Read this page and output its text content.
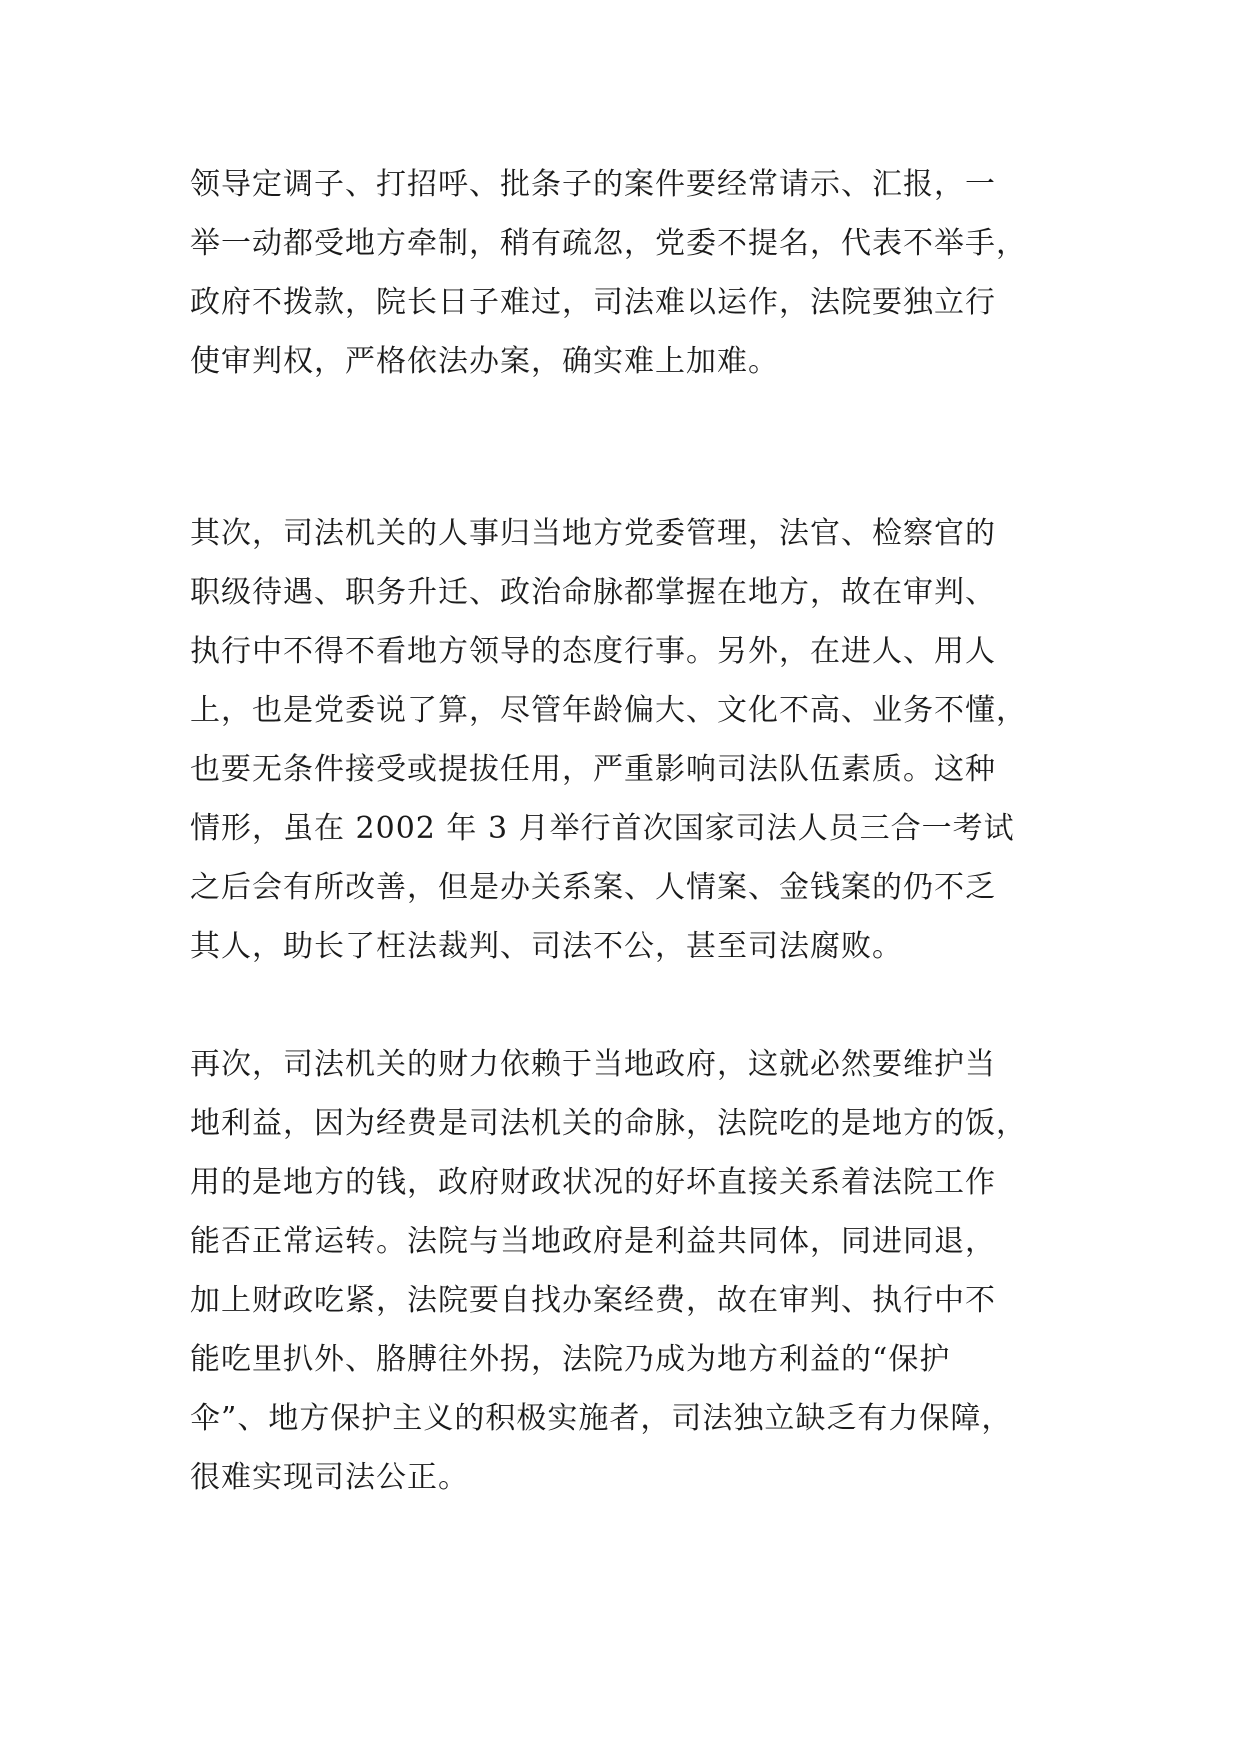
领导定调子、打招呼、批条子的案件要经常请示、汇报，一
举一动都受地方牵制，稍有疏忽，党委不提名，代表不举手，
政府不拨款，院长日子难过，司法难以运作，法院要独立行
使审判权，严格依法办案，确实难上加难。
其次，司法机关的人事归当地方党委管理，法官、检察官的
职级待遇、职务升迁、政治命脉都掌握在地方，故在审判、
执行中不得不看地方领导的态度行事。另外，在进人、用人
上，也是党委说了算，尽管年龄偏大、文化不高、业务不懂，
也要无条件接受或提拔任用，严重影响司法队伍素质。这种
情形，虽在 2002 年 3 月举行首次国家司法人员三合一考试
之后会有所改善，但是办关系案、人情案、金钱案的仍不乏
其人，助长了枉法裁判、司法不公，甚至司法腐败。
再次，司法机关的财力依赖于当地政府，这就必然要维护当
地利益，因为经费是司法机关的命脉，法院吃的是地方的饭，
用的是地方的钱，政府财政状况的好坏直接关系着法院工作
能否正常运转。法院与当地政府是利益共同体，同进同退，
加上财政吃紧，法院要自找办案经费，故在审判、执行中不
能吃里扒外、胳膊往外拐，法院乃成为地方利益的“保护
伞”、地方保护主义的积极实施者，司法独立缺乏有力保障，
很难实现司法公正。
